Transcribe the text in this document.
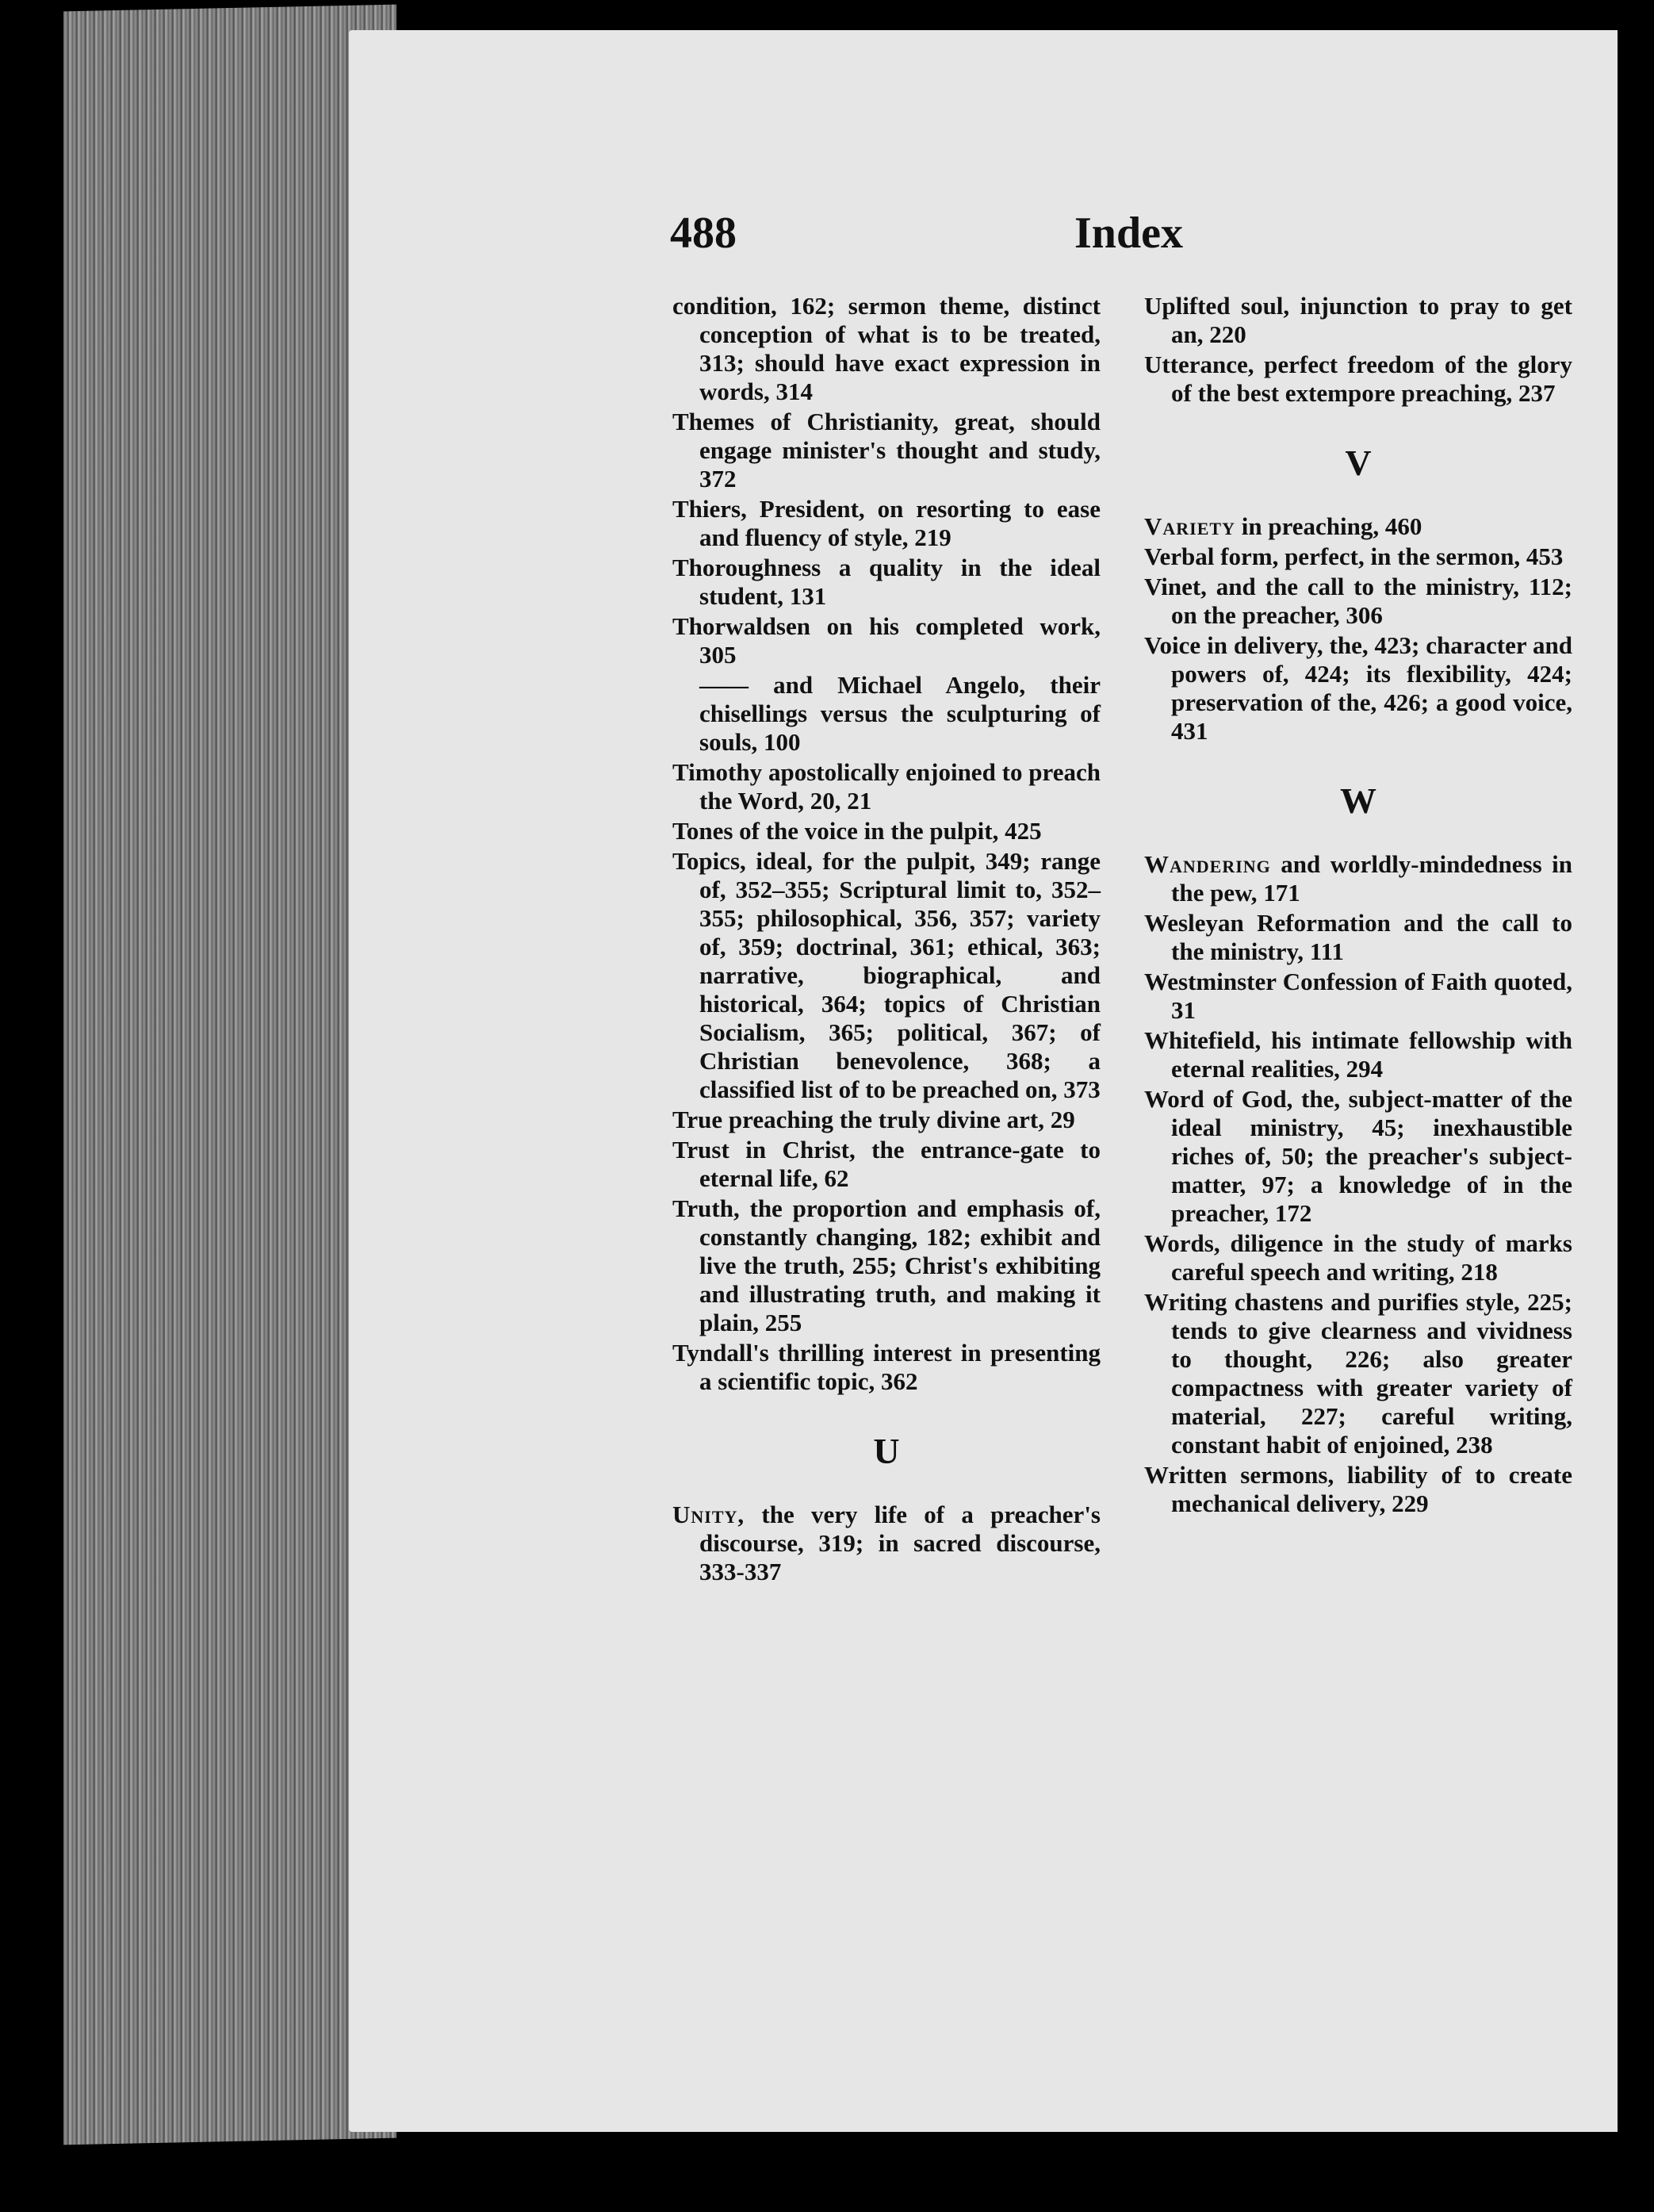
488	Index

condition, 162; sermon theme, distinct conception of what is to be treated, 313; should have exact expression in words, 314

Themes of Christianity, great, should engage minister's thought and study, 372

Thiers, President, on resorting to ease and fluency of style, 219

Thoroughness a quality in the ideal student, 131

Thorwaldsen on his completed work, 305

—— and Michael Angelo, their chisellings versus the sculpturing of souls, 100

Timothy apostolically enjoined to preach the Word, 20, 21

Tones of the voice in the pulpit, 425

Topics, ideal, for the pulpit, 349; range of, 352–355; Scriptural limit to, 352–355; philosophical, 356, 357; variety of, 359; doctrinal, 361; ethical, 363; narrative, biographical, and historical, 364; topics of Christian Socialism, 365; political, 367; of Christian benevolence, 368; a classified list of to be preached on, 373

True preaching the truly divine art, 29

Trust in Christ, the entrance-gate to eternal life, 62

Truth, the proportion and emphasis of, constantly changing, 182; exhibit and live the truth, 255; Christ's exhibiting and illustrating truth, and making it plain, 255

Tyndall's thrilling interest in presenting a scientific topic, 362

U

Unity, the very life of a preacher's discourse, 319; in sacred discourse, 333-337

Uplifted soul, injunction to pray to get an, 220

Utterance, perfect freedom of the glory of the best extempore preaching, 237

V

Variety in preaching, 460

Verbal form, perfect, in the sermon, 453

Vinet, and the call to the ministry, 112; on the preacher, 306

Voice in delivery, the, 423; character and powers of, 424; its flexibility, 424; preservation of the, 426; a good voice, 431

W

Wandering and worldly-mindedness in the pew, 171

Wesleyan Reformation and the call to the ministry, 111

Westminster Confession of Faith quoted, 31

Whitefield, his intimate fellowship with eternal realities, 294

Word of God, the, subject-matter of the ideal ministry, 45; inexhaustible riches of, 50; the preacher's subject-matter, 97; a knowledge of in the preacher, 172

Words, diligence in the study of marks careful speech and writing, 218

Writing chastens and purifies style, 225; tends to give clearness and vividness to thought, 226; also greater compactness with greater variety of material, 227; careful writing, constant habit of enjoined, 238

Written sermons, liability of to create mechanical delivery, 229
